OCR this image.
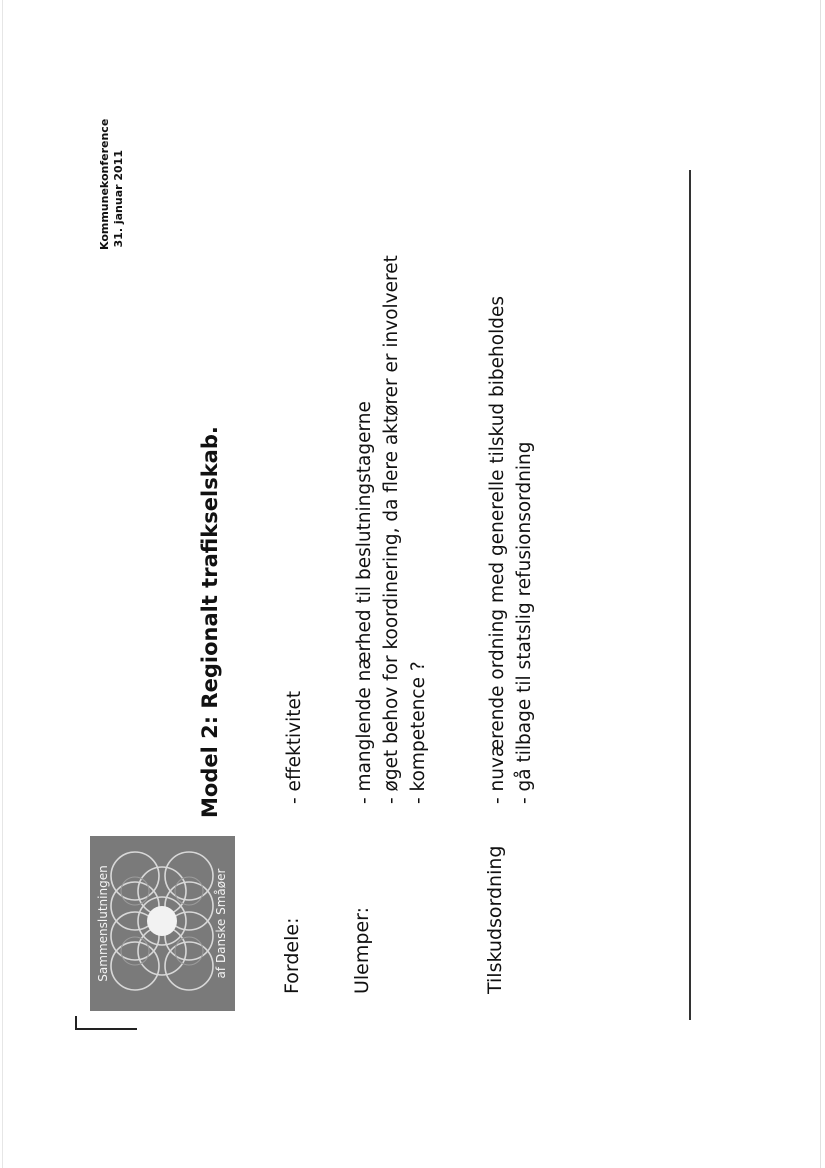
Sammenslutningen	af Danske Småøer
Model 2: Regionalt trafikselskab.
Kommunekonference 31. januar 2011
Fordele:
- effektivitet
Ulemper:
- manglende nærhed til beslutningstagerne - øget behov for koordinering, da flere aktører er involveret - kompetence ?
Tilskudsordning
- nuværende ordning med generelle tilskud bibeholdes - gå tilbage til statslig refusionsordning
